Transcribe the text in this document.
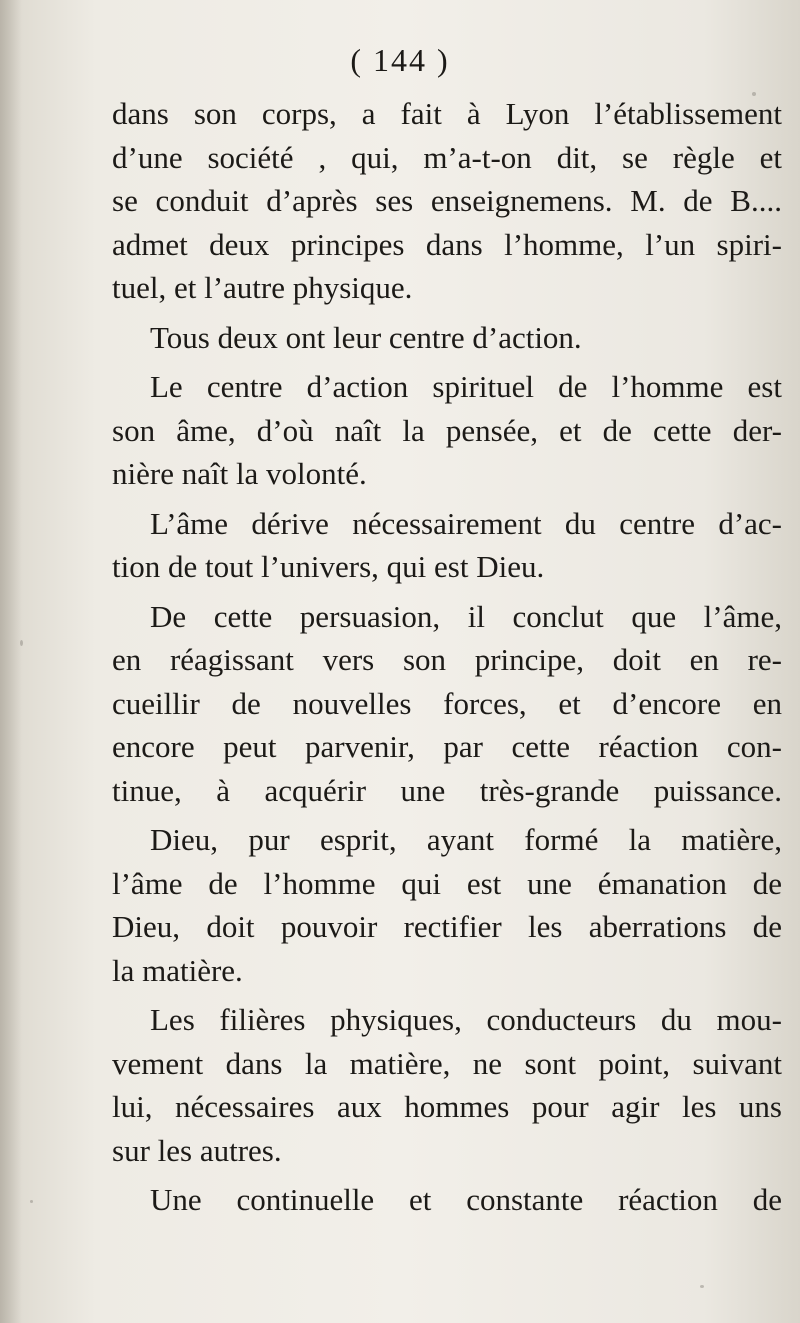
( 144 )
dans son corps, a fait à Lyon l’établissement
d’une société , qui, m’a-t-on dit, se règle et
se conduit d’après ses enseignemens. M. de B....
admet deux principes dans l’homme, l’un spiri-
tuel, et l’autre physique.
Tous deux ont leur centre d’action.
Le centre d’action spirituel de l’homme est
son âme, d’où naît la pensée, et de cette der-
nière naît la volonté.
L’âme dérive nécessairement du centre d’ac-
tion de tout l’univers, qui est Dieu.
De cette persuasion, il conclut que l’âme,
en réagissant vers son principe, doit en re-
cueillir de nouvelles forces, et d’encore en
encore peut parvenir, par cette réaction con-
tinue, à acquérir une très-grande puissance.
Dieu, pur esprit, ayant formé la matière,
l’âme de l’homme qui est une émanation de
Dieu, doit pouvoir rectifier les aberrations de
la matière.
Les filières physiques, conducteurs du mou-
vement dans la matière, ne sont point, suivant
lui, nécessaires aux hommes pour agir les uns
sur les autres.
Une continuelle et constante réaction de
